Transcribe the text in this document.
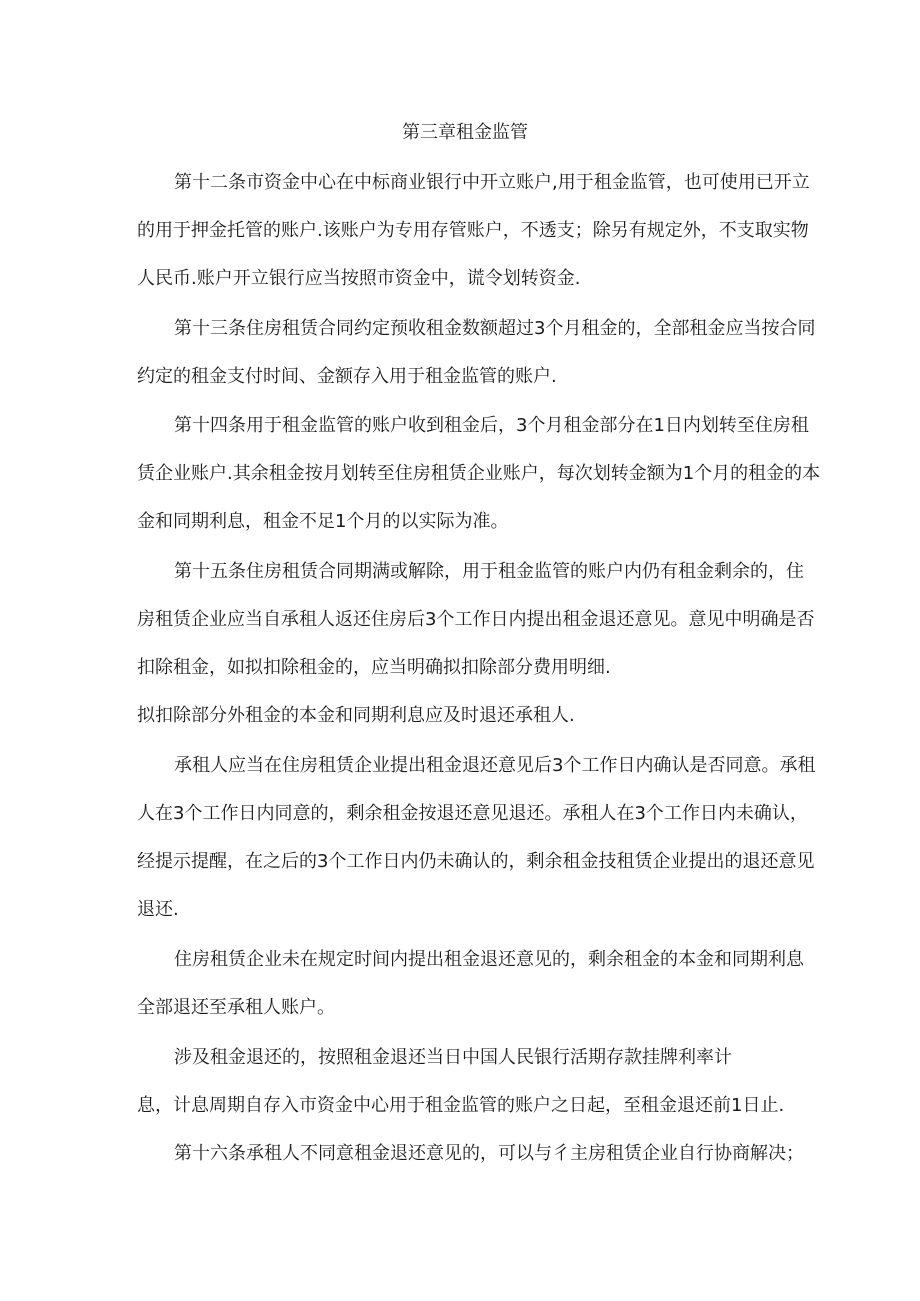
第三章租金监管
第十二条市资金中心在中标商业银行中开立账户,用于租金监管，也可使用已开立
的用于押金托管的账户.该账户为专用存管账户，不透支；除另有规定外，不支取实物
人民币.账户开立银行应当按照市资金中，谎令划转资金.
第十三条住房租赁合同约定预收租金数额超过3个月租金的，全部租金应当按合同
约定的租金支付时间、金额存入用于租金监管的账户.
第十四条用于租金监管的账户收到租金后，3个月租金部分在1日内划转至住房租
赁企业账户.其余租金按月划转至住房租赁企业账户，每次划转金额为1个月的租金的本
金和同期利息，租金不足1个月的以实际为准。
第十五条住房租赁合同期满或解除，用于租金监管的账户内仍有租金剩余的，住
房租赁企业应当自承租人返还住房后3个工作日内提出租金退还意见。意见中明确是否
扣除租金，如拟扣除租金的，应当明确拟扣除部分费用明细.
拟扣除部分外租金的本金和同期利息应及时退还承租人.
承租人应当在住房租赁企业提出租金退还意见后3个工作日内确认是否同意。承租
人在3个工作日内同意的，剩余租金按退还意见退还。承租人在3个工作日内未确认，
经提示提醒，在之后的3个工作日内仍未确认的，剩余租金技租赁企业提出的退还意见
退还.
住房租赁企业未在规定时间内提出租金退还意见的，剩余租金的本金和同期利息
全部退还至承租人账户。
涉及租金退还的，按照租金退还当日中国人民银行活期存款挂牌利率计
息，计息周期自存入市资金中心用于租金监管的账户之日起，至租金退还前1日止.
第十六条承租人不同意租金退还意见的，可以与彳主房租赁企业自行协商解决；
